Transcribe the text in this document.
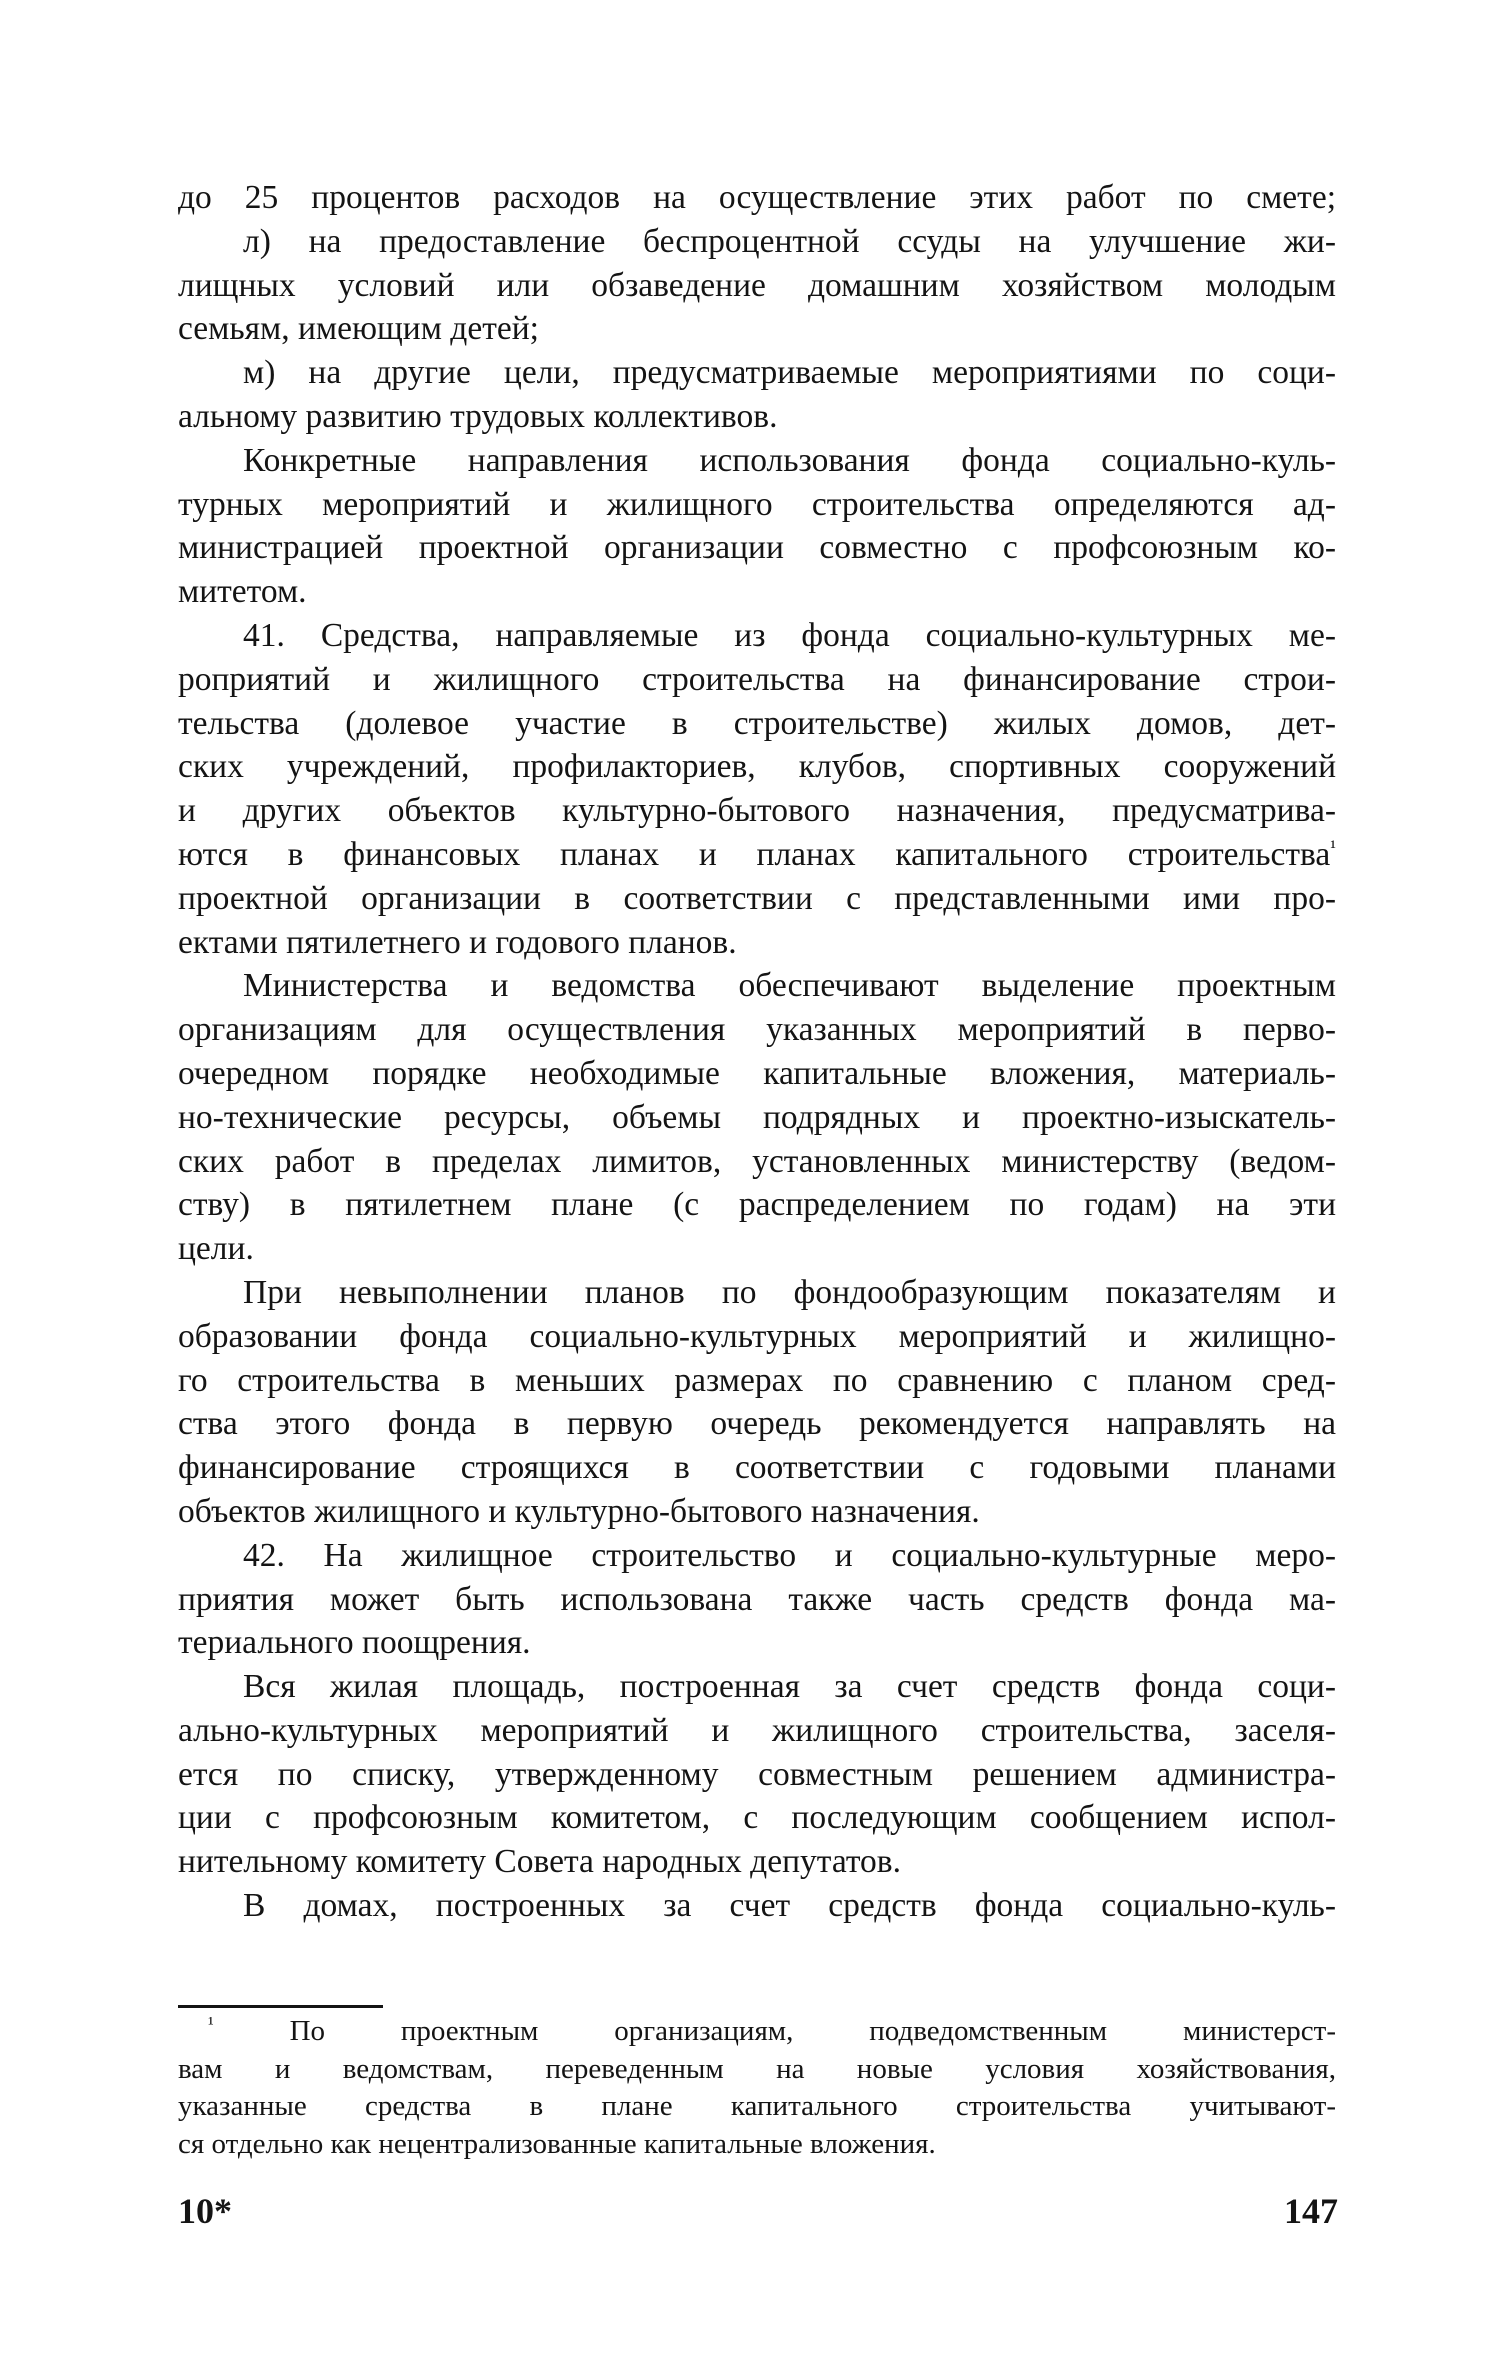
до 25 процентов расходов на осуществление этих работ по смете;
л) на предоставление беспроцентной ссуды на улучшение жи-
лищных условий или обзаведение домашним хозяйством молодым
семьям, имеющим детей;
м) на другие цели, предусматриваемые мероприятиями по соци-
альному развитию трудовых коллективов.
Конкретные направления использования фонда социально-куль-
турных мероприятий и жилищного строительства определяются ад-
министрацией проектной организации совместно с профсоюзным ко-
митетом.
41. Средства, направляемые из фонда социально-культурных ме-
роприятий и жилищного строительства на финансирование строи-
тельства (долевое участие в строительстве) жилых домов, дет-
ских учреждений, профилакториев, клубов, спортивных сооружений
и других объектов культурно-бытового назначения, предусматрива-
ются в финансовых планах и планах капитального строительства$^{^1}$
проектной организации в соответствии с представленными ими про-
ектами пятилетнего и годового планов.
Министерства и ведомства обеспечивают выделение проектным
организациям для осуществления указанных мероприятий в перво-
очередном порядке необходимые капитальные вложения, материаль-
но-технические ресурсы, объемы подрядных и проектно-изыскатель-
ских работ в пределах лимитов, установленных министерству (ведом-
ству) в пятилетнем плане (с распределением по годам) на эти
цели.
При невыполнении планов по фондообразующим показателям и
образовании фонда социально-культурных мероприятий и жилищно-
го строительства в меньших размерах по сравнению с планом сред-
ства этого фонда в первую очередь рекомендуется направлять на
финансирование строящихся в соответствии с годовыми планами
объектов жилищного и культурно-бытового назначения.
42. На жилищное строительство и социально-культурные меро-
приятия может быть использована также часть средств фонда ма-
териального поощрения.
Вся жилая площадь, построенная за счет средств фонда соци-
ально-культурных мероприятий и жилищного строительства, заселя-
ется по списку, утвержденному совместным решением администра-
ции с профсоюзным комитетом, с последующим сообщением испол-
нительному комитету Совета народных депутатов.
В домах, построенных за счет средств фонда социально-куль-
$^{^1}$	По проектным организациям, подведомственным министерст-
вам и ведомствам, переведенным на новые условия хозяйствования,
указанные средства в плане капитального строительства учитывают-
ся отдельно как нецентрализованные капитальные вложения.
10*	147
